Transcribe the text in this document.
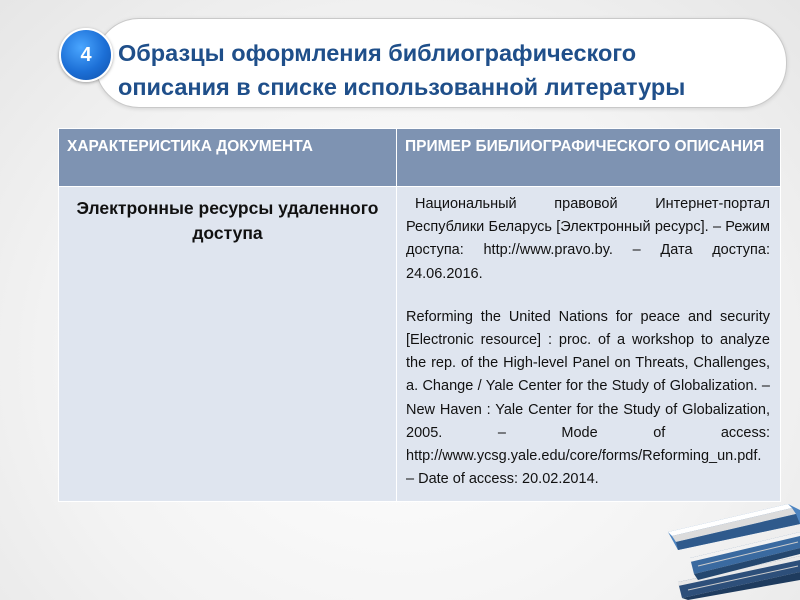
4	Образцы оформления библиографического
описания в списке использованной литературы
ХАРАКТЕРИСТИКА ДОКУМЕНТА	ПРИМЕР БИБЛИОГРАФИЧЕСКОГО ОПИСАНИЯ
Электронные ресурсы удаленного доступа	Национальный правовой Интернет-портал Республики Беларусь [Электронный ресурс]. – Режим доступа: http://www.pravo.by. – Дата доступа: 24.06.2016.

Reforming the United Nations for peace and security [Electronic resource] : proc. of a workshop to analyze the rep. of the High-level Panel on Threats, Challenges, a. Change / Yale Center for the Study of Globalization. – New Haven : Yale Center for the Study of Globalization, 2005. – Mode of access: http://www.ycsg.yale.edu/core/forms/Reforming_un.pdf. – Date of access: 20.02.2014.
